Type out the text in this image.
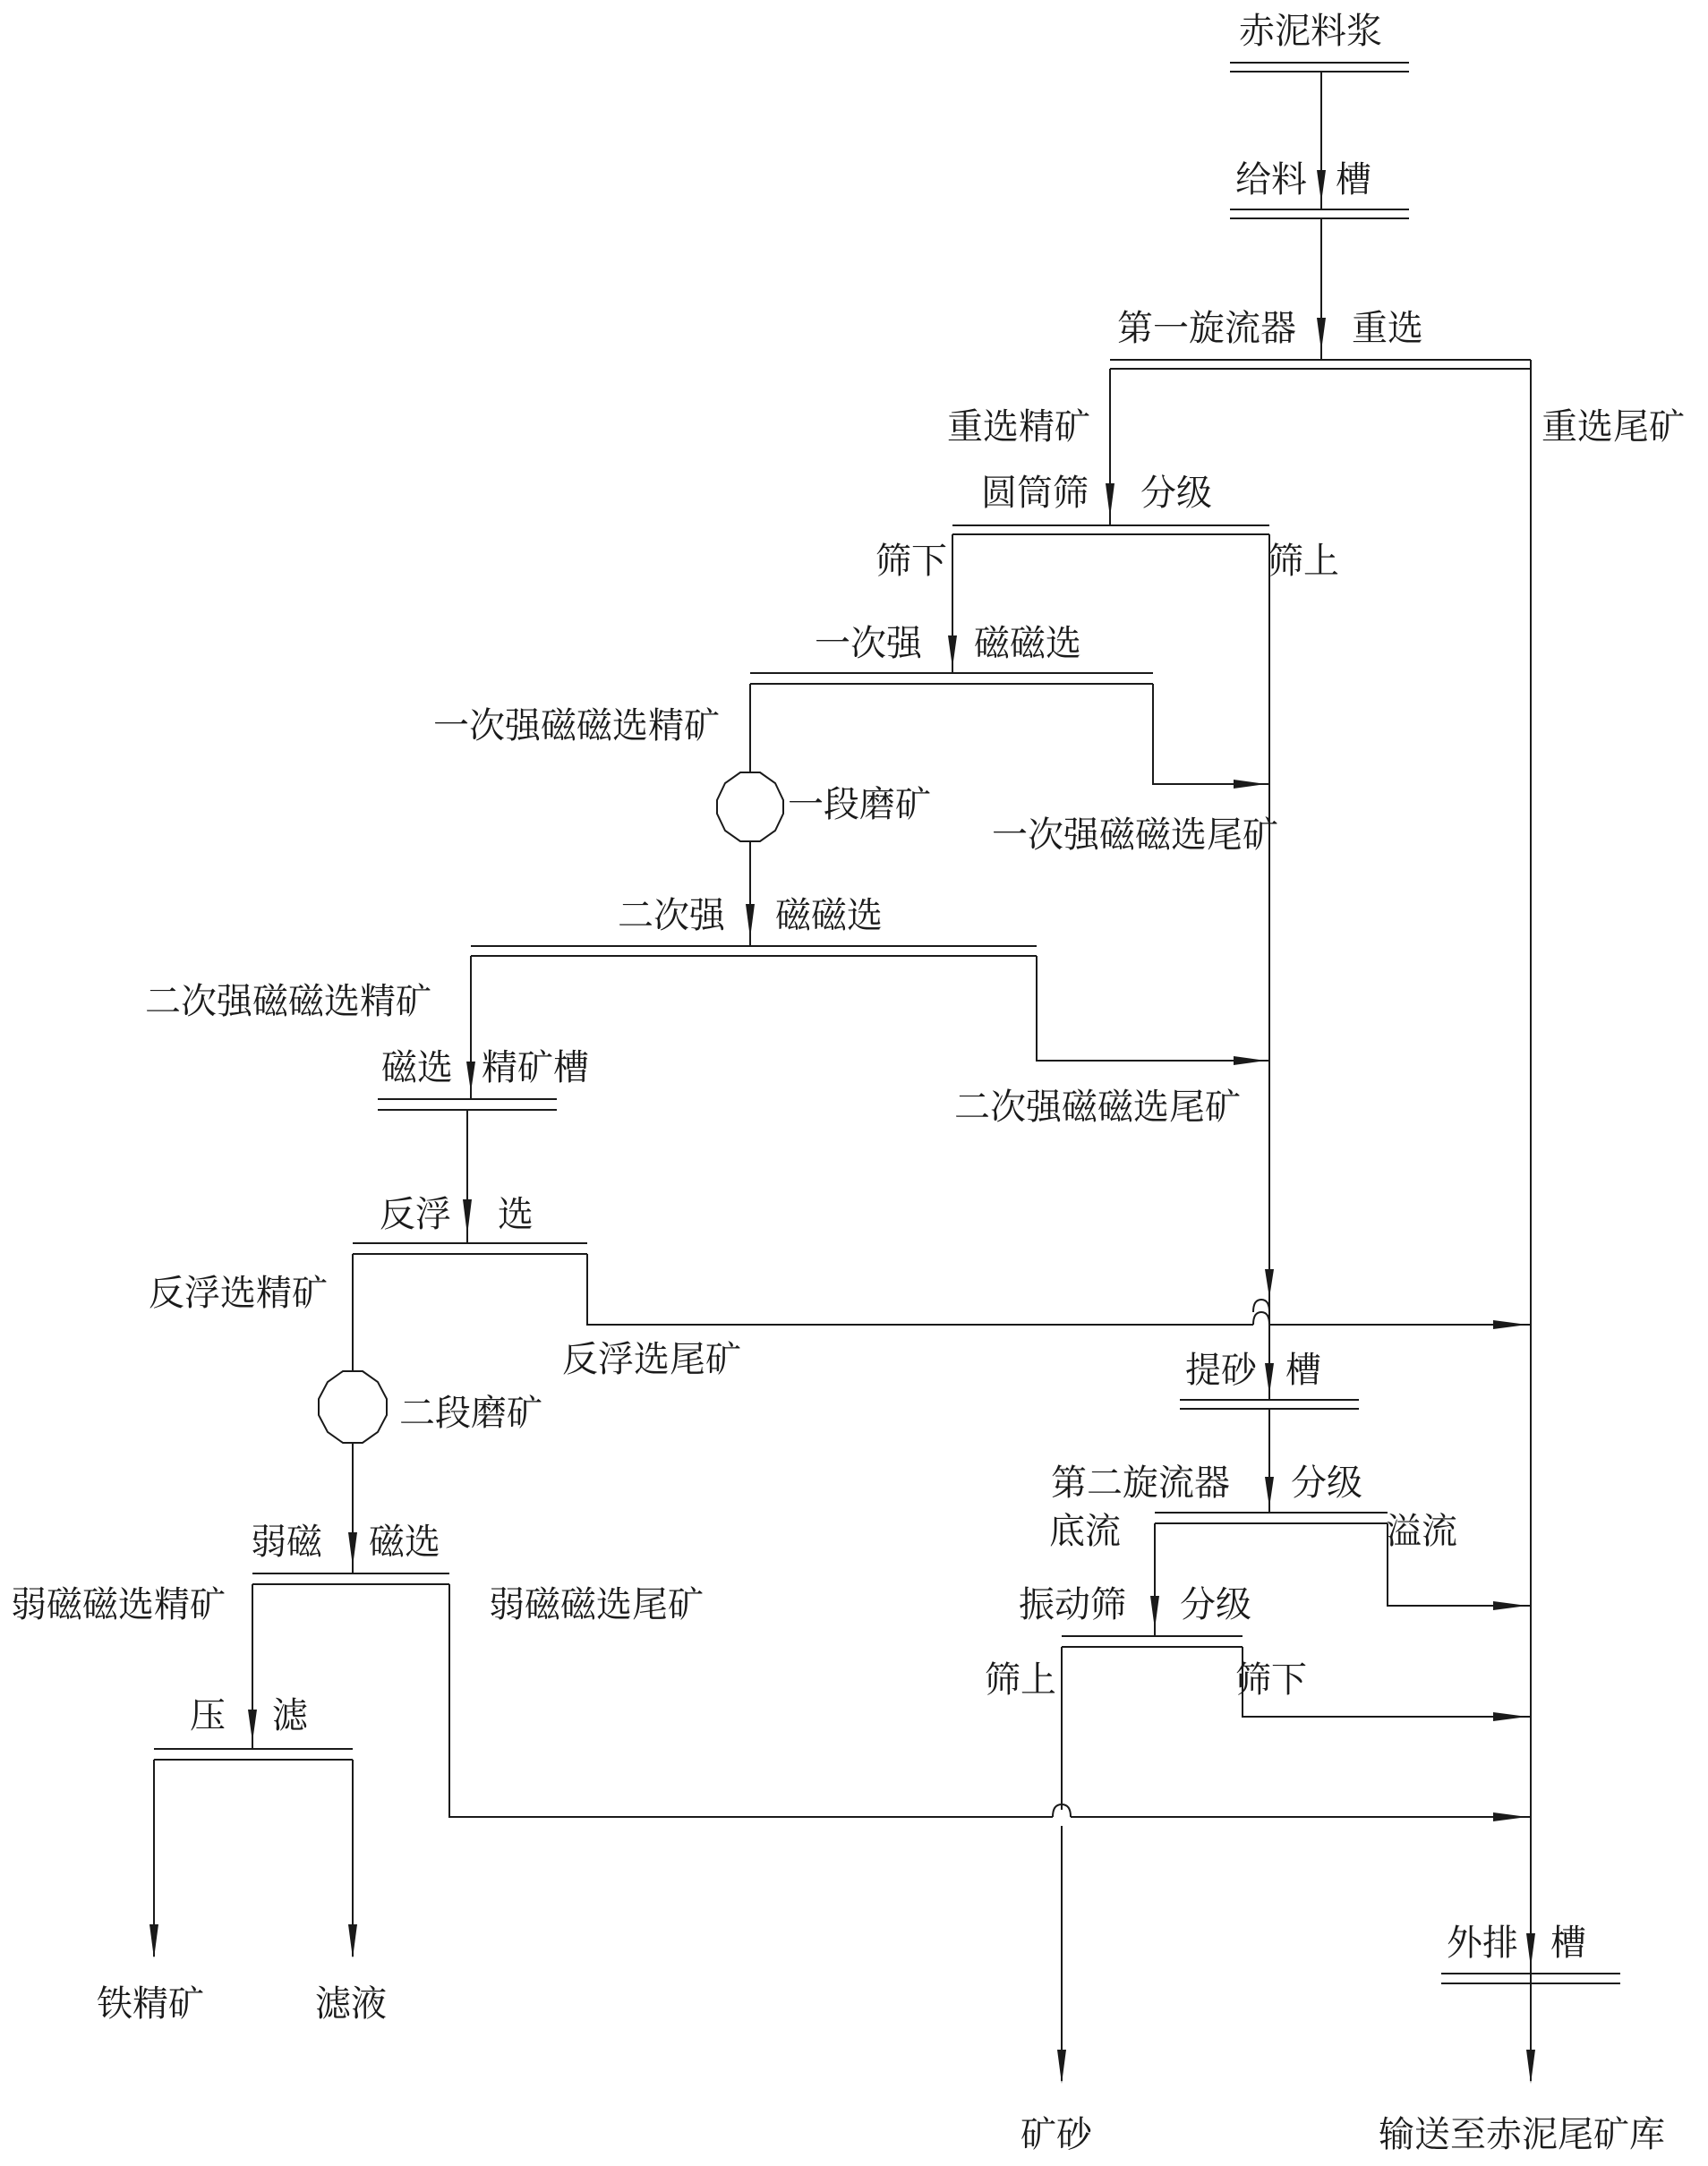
赤泥料浆
给料 槽
第一旋流器 重选
重选精矿	重选尾矿
圆筒筛 分级
筛下	筛上
一次强 磁磁选
一次强磁磁选精矿
一段磨矿
一次强磁磁选尾矿
二次强 磁磁选
二次强磁磁选精矿
磁选 精矿槽
二次强磁磁选尾矿
反浮 选
反浮选精矿
反浮选尾矿	提砂 槽
二段磨矿
第二旋流器 分级
底流	溢流
弱磁 磁选
弱磁磁选精矿	弱磁磁选尾矿	振动筛 分级
筛上	筛下
压 滤
外排 槽
铁精矿	滤液
矿砂	输送至赤泥尾矿库
